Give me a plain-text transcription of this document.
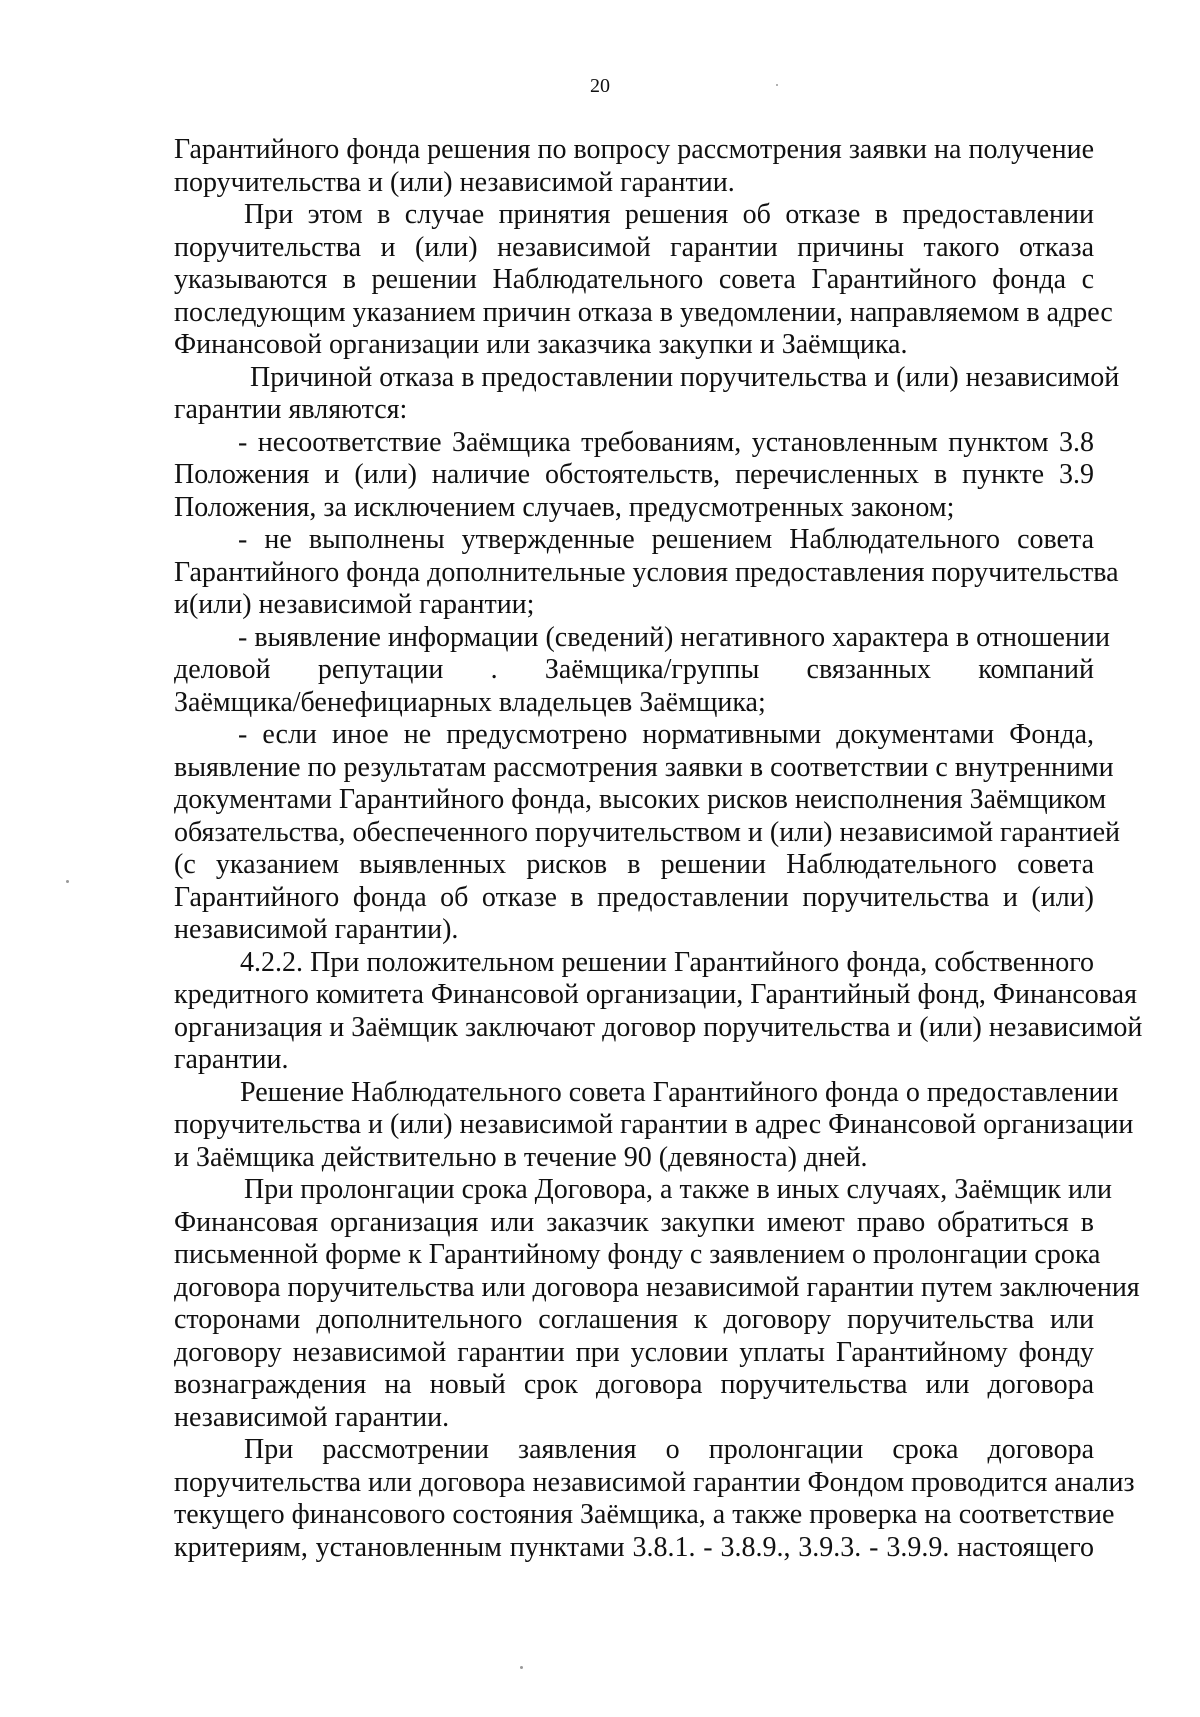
20
Гарантийного фонда решения по вопросу рассмотрения заявки на получение
поручительства и (или) независимой гарантии.
При этом в случае принятия решения об отказе в предоставлении
поручительства и (или) независимой гарантии причины такого отказа
указываются в решении Наблюдательного совета Гарантийного фонда с
последующим указанием причин отказа в уведомлении, направляемом в адрес
Финансовой организации или заказчика закупки и Заёмщика.
Причиной отказа в предоставлении поручительства и (или) независимой
гарантии являются:
- несоответствие Заёмщика требованиям, установленным пунктом 3.8
Положения и (или) наличие обстоятельств, перечисленных в пункте 3.9
Положения, за исключением случаев, предусмотренных законом;
- не выполнены утвержденные решением Наблюдательного совета
Гарантийного фонда дополнительные условия предоставления поручительства
и(или) независимой гарантии;
- выявление информации (сведений) негативного характера в отношении
деловой репутации . Заёмщика/группы связанных компаний
Заёмщика/бенефициарных владельцев Заёмщика;
- если иное не предусмотрено нормативными документами Фонда,
выявление по результатам рассмотрения заявки в соответствии с внутренними
документами Гарантийного фонда, высоких рисков неисполнения Заёмщиком
обязательства, обеспеченного поручительством и (или) независимой гарантией
(с указанием выявленных рисков в решении Наблюдательного совета
Гарантийного фонда об отказе в предоставлении поручительства и (или)
независимой гарантии).
4.2.2. При положительном решении Гарантийного фонда, собственного
кредитного комитета Финансовой организации, Гарантийный фонд, Финансовая
организация и Заёмщик заключают договор поручительства и (или) независимой
гарантии.
Решение Наблюдательного совета Гарантийного фонда о предоставлении
поручительства и (или) независимой гарантии в адрес Финансовой организации
и Заёмщика действительно в течение 90 (девяноста) дней.
При пролонгации срока Договора, а также в иных случаях, Заёмщик или
Финансовая организация или заказчик закупки имеют право обратиться в
письменной форме к Гарантийному фонду с заявлением о пролонгации срока
договора поручительства или договора независимой гарантии путем заключения
сторонами дополнительного соглашения к договору поручительства или
договору независимой гарантии при условии уплаты Гарантийному фонду
вознаграждения на новый срок договора поручительства или договора
независимой гарантии.
При рассмотрении заявления о пролонгации срока договора
поручительства или договора независимой гарантии Фондом проводится анализ
текущего финансового состояния Заёмщика, а также проверка на соответствие
критериям, установленным пунктами 3.8.1. - 3.8.9., 3.9.3. - 3.9.9. настоящего
